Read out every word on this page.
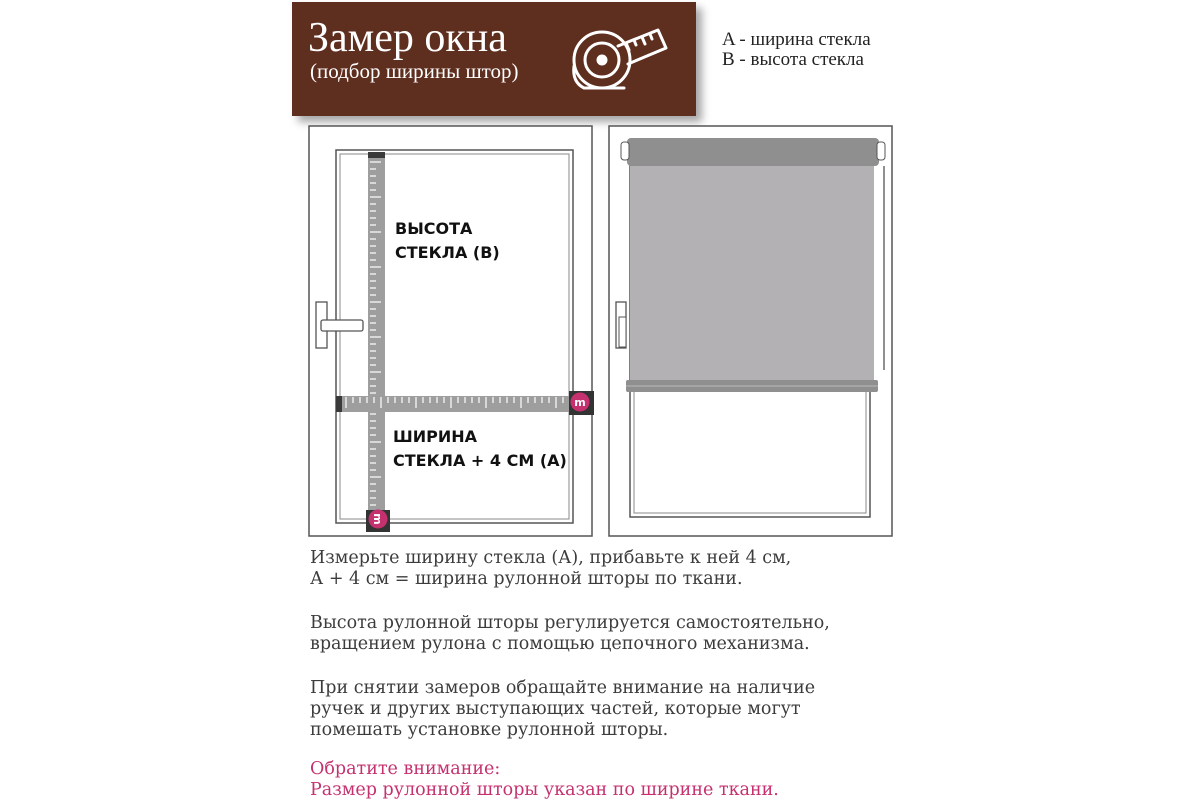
Замер окна
(подбор ширины штор)
A - ширина стекла
B - высота стекла
m
m
ВЫСОТА
СТЕКЛА (В)
ШИРИНА
СТЕКЛА + 4 СМ (А)
Измерьте ширину стекла (А), прибавьте к ней 4 см,
А + 4 см = ширина рулонной шторы по ткани.
Высота рулонной шторы регулируется самостоятельно,
вращением рулона с помощью цепочного механизма.
При снятии замеров обращайте внимание на наличие
ручек и других выступающих частей, которые могут
помешать установке рулонной шторы.
Обратите внимание:
Размер рулонной шторы указан по ширине ткани.
